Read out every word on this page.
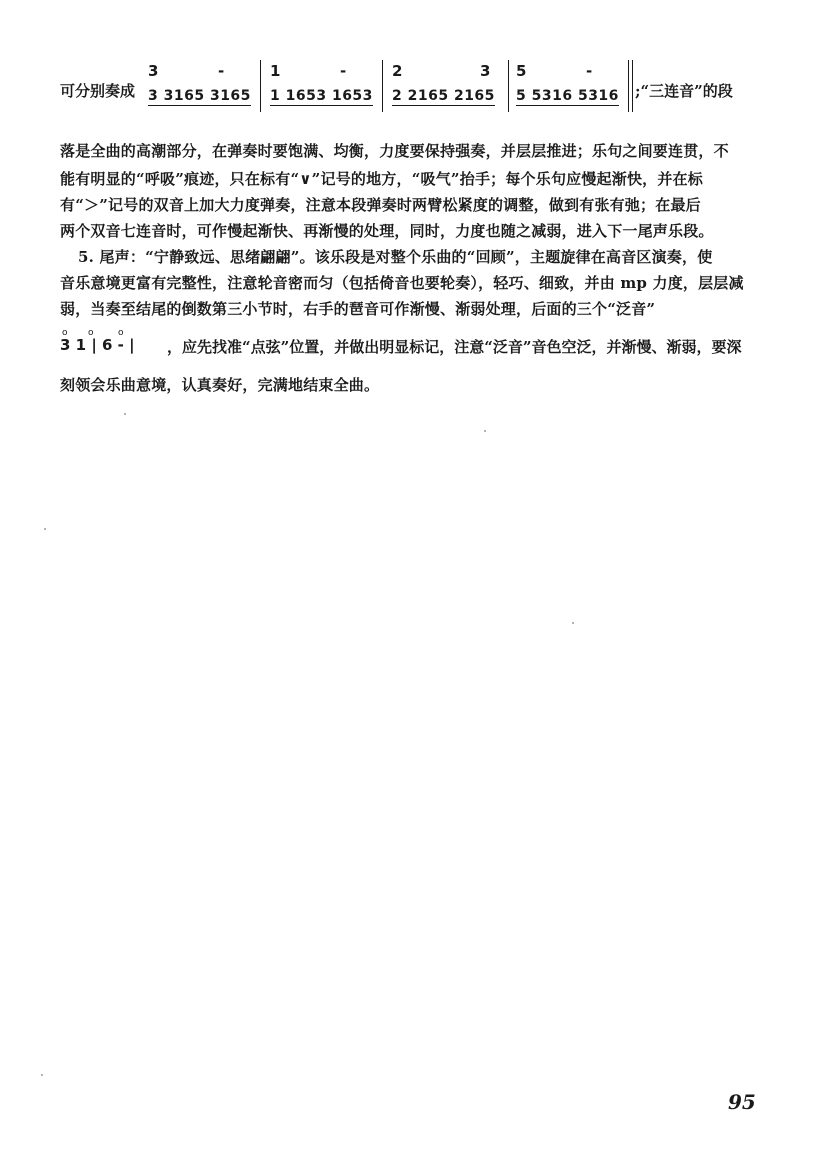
可分别奏成
3	-
3 3165 3165
1	-
1 1653 1653
2	3
2 2165 2165
5	-
5 5316 5316 ;“三连音”的段
落是全曲的高潮部分，在弹奏时要饱满、均衡，力度要保持强奏，并层层推进；乐句之间要连贯，不
能有明显的“呼吸”痕迹，只在标有“∨”记号的地方，“吸气”抬手；每个乐句应慢起渐快，并在标
有“＞”记号的双音上加大力度弹奏，注意本段弹奏时两臂松紧度的调整，做到有张有弛；在最后
两个双音七连音时，可作慢起渐快、再渐慢的处理，同时，力度也随之减弱，进入下一尾声乐段。
5. 尾声：“宁静致远、思绪翩翩”。该乐段是对整个乐曲的“回顾”，主题旋律在高音区演奏，使
音乐意境更富有完整性，注意轮音密而匀（包括倚音也要轮奏），轻巧、细致，并由 mp 力度，层层减
弱，当奏至结尾的倒数第三小节时，右手的琶音可作渐慢、渐弱处理，后面的三个“泛音”
o o	o
3 1 | 6 - | ，应先找准“点弦”位置，并做出明显标记，注意“泛音”音色空泛，并渐慢、渐弱，要深
刻领会乐曲意境，认真奏好，完满地结束全曲。
95
